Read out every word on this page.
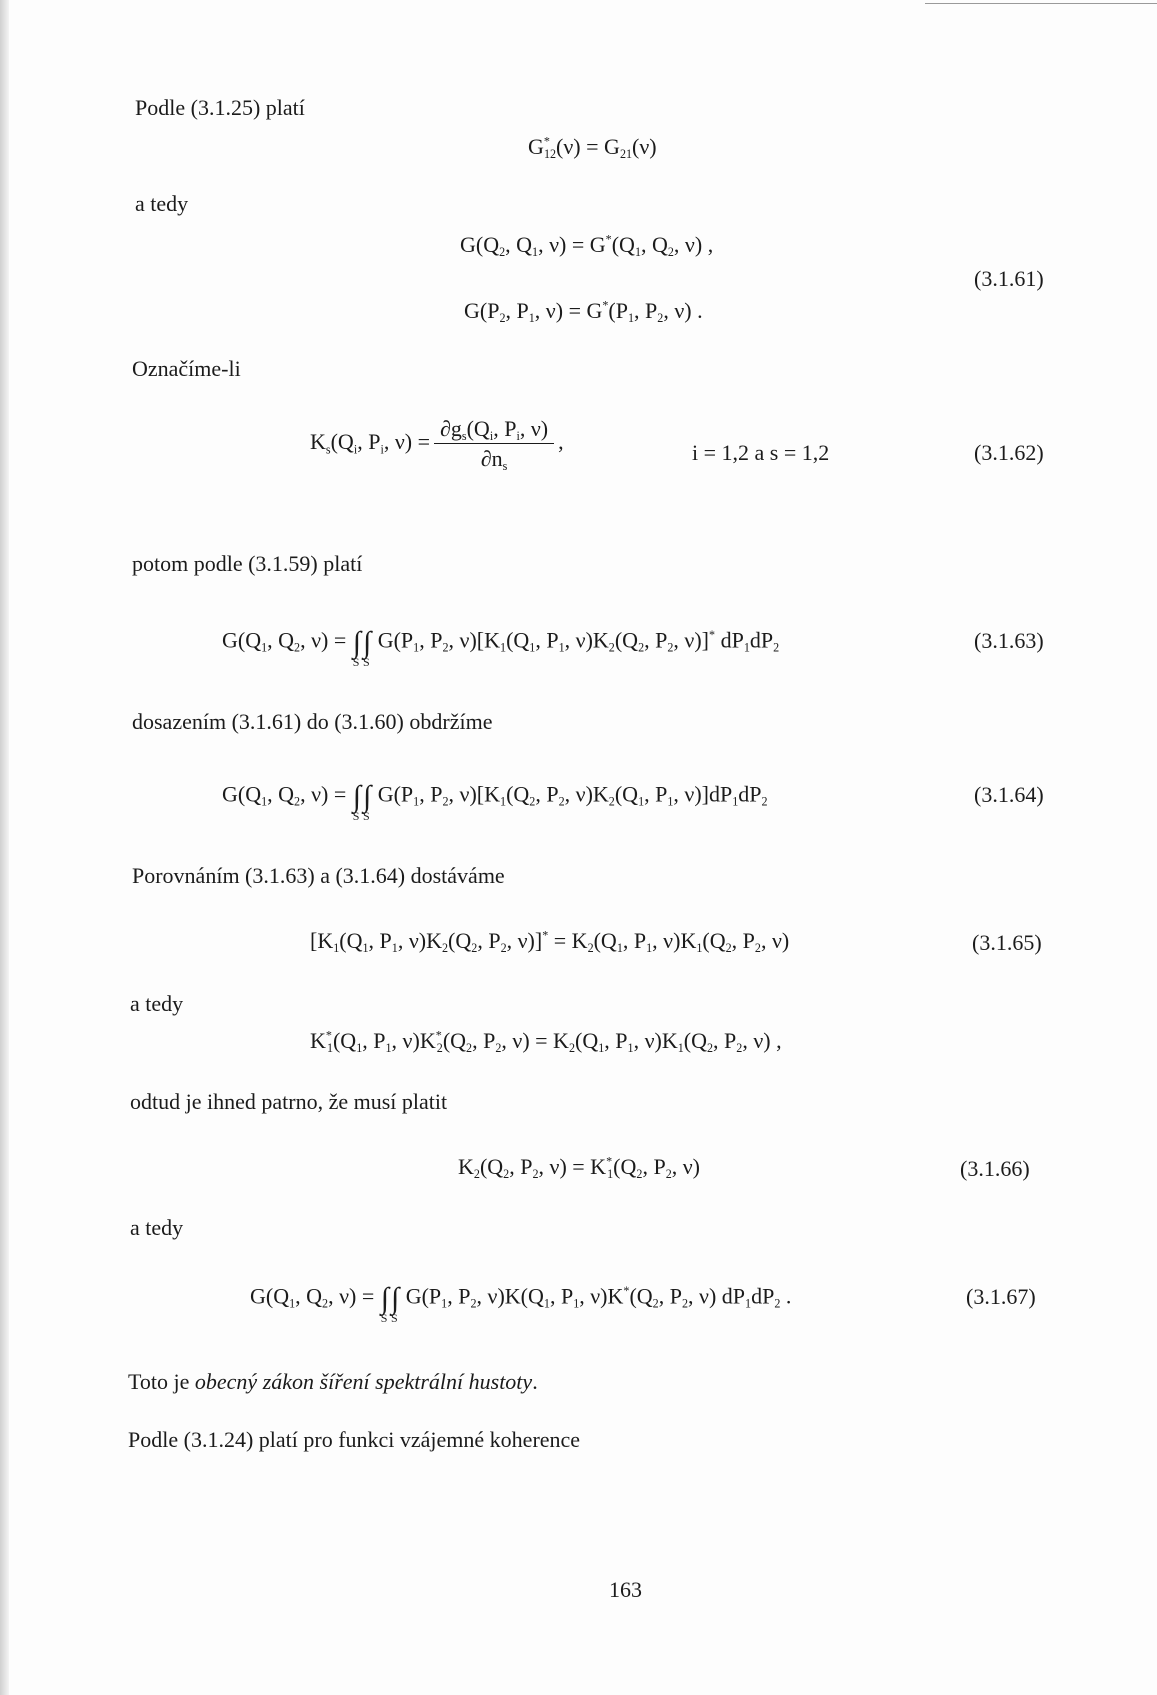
Podle (3.1.25) platí
$G^*_{12}(\nu) = G_{21}(\nu)$
a tedy
$G(Q_2$, $Q_1$, $\nu) = G^*(Q_1$, $Q_2$, ν) ,
$G(P_2$, $P_1$, $\nu) = G^*(P_1$, $P_2$, ν) .
(3.1.61)
Označíme-li
$K_s(Q_i$, $P_i$, $\nu) = \frac{\partial g_s(Q_i, P_i, \nu)}{\partial n_s}$ ,	i = 1,2 a s = 1,2	(3.1.62)
potom podle (3.1.59) platí
$G(Q_1$, $Q_2$, ν) = ∫
S
∫
S
$G(P_1$, $P_2$, $\nu)[K_1(Q_1$, $P_1$, $\nu)K_2(Q_2$, $P_2$, ν)]* $dP_1dP_2$	(3.1.63)
dosazením (3.1.61) do (3.1.60) obdržíme
$G(Q_1$, $Q_2$, ν) = ∫
S
∫
S
$G(P_1$, $P_2$, $\nu)[K_1(Q_2$, $P_2$, $\nu)K_2(Q_1$, $P_1$, $\nu)]dP_1dP_2$	(3.1.64)
Porovnáním (3.1.63) a (3.1.64) dostáváme
[$K_1(Q_1$, $P_1$, $\nu)K_2(Q_2$, $P_2$, $\nu)]^* = K_2(Q_1$, $P_1$, $\nu)K_1(Q_2$, $P_2$, ν)	(3.1.65)
a tedy
$K^*_1(Q_1$, $P_1$, $\nu)K^*_2(Q_2$, $P_2$, $\nu) = K_2(Q_1$, $P_1$, $\nu)K_1(Q_2$, $P_2$, ν) ,
odtud je ihned patrno, že musí platit
$K_2(Q_2$, $P_2$, $\nu) = K^*_1(Q_2$, $P_2$, ν)	(3.1.66)
a tedy
$G(Q_1$, $Q_2$, ν) = ∫
S
∫
S
$G(P_1$, $P_2$, $\nu)K(Q_1$, $P_1$, $\nu)K^*(Q_2$, $P_2$, ν) $dP_1dP_2$ .	(3.1.67)
Toto je obecný zákon šíření spektrální hustoty.
Podle (3.1.24) platí pro funkci vzájemné koherence
163
